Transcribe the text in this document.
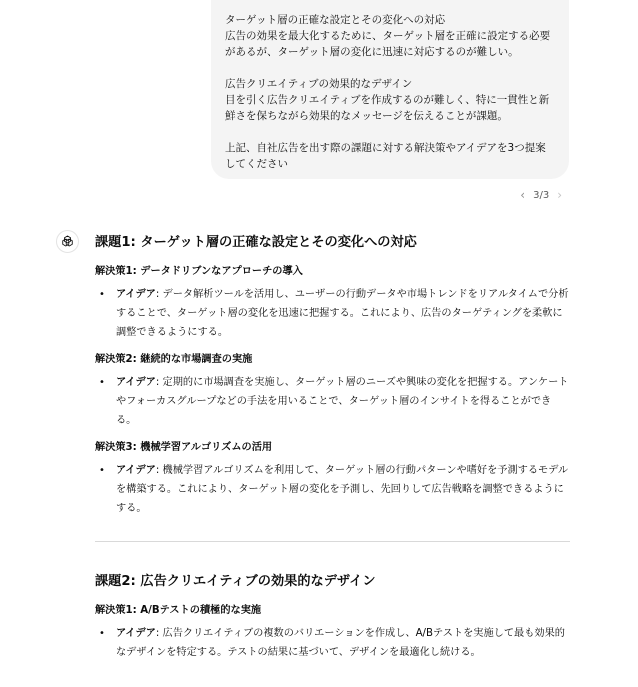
ターゲット層の正確な設定とその変化への対応

広告の効果を最大化するために、ターゲット層を正確に設定する必要

があるが、ターゲット層の変化に迅速に対応するのが難しい。

広告クリエイティブの効果的なデザイン

目を引く広告クリエイティブを作成するのが難しく、特に一貫性と新

鮮さを保ちながら効果的なメッセージを伝えることが課題。

上記、自社広告を出す際の課題に対する解決策やアイデアを3つ提案

してください

‹ 3/3 ›
課題1: ターゲット層の正確な設定とその変化への対応
解決策1: データドリブンなアプローチの導入
• アイデア: データ解析ツールを活用し、ユーザーの行動データや市場トレンドをリアルタイムで分析することで、ターゲット層の変化を迅速に把握する。これにより、広告のターゲティングを柔軟に調整できるようにする。
解決策2: 継続的な市場調査の実施
• アイデア: 定期的に市場調査を実施し、ターゲット層のニーズや興味の変化を把握する。アンケートやフォーカスグループなどの手法を用いることで、ターゲット層のインサイトを得ることができる。
解決策3: 機械学習アルゴリズムの活用
• アイデア: 機械学習アルゴリズムを利用して、ターゲット層の行動パターンや嗜好を予測するモデルを構築する。これにより、ターゲット層の変化を予測し、先回りして広告戦略を調整できるようにする。
課題2: 広告クリエイティブの効果的なデザイン
解決策1: A/Bテストの積極的な実施
• アイデア: 広告クリエイティブの複数のバリエーションを作成し、A/Bテストを実施して最も効果的なデザインを特定する。テストの結果に基づいて、デザインを最適化し続ける。
